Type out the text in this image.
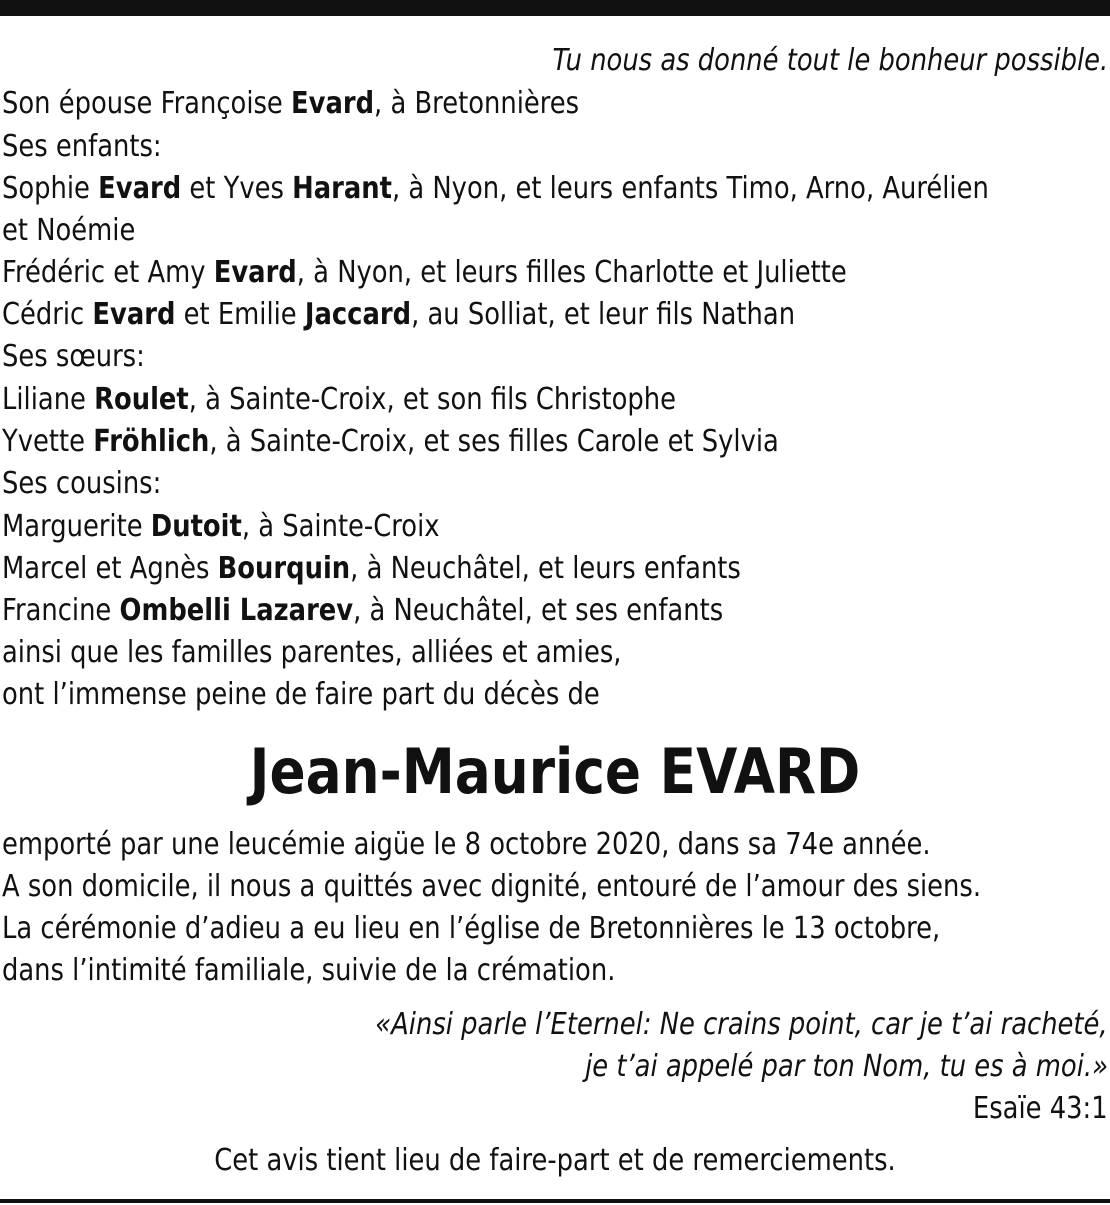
Tu nous as donné tout le bonheur possible.
Son épouse Françoise Evard, à Bretonnières
Ses enfants:
Sophie Evard et Yves Harant, à Nyon, et leurs enfants Timo, Arno, Aurélien
et Noémie
Frédéric et Amy Evard, à Nyon, et leurs filles Charlotte et Juliette
Cédric Evard et Emilie Jaccard, au Solliat, et leur fils Nathan
Ses sœurs:
Liliane Roulet, à Sainte-Croix, et son fils Christophe
Yvette Fröhlich, à Sainte-Croix, et ses filles Carole et Sylvia
Ses cousins:
Marguerite Dutoit, à Sainte-Croix
Marcel et Agnès Bourquin, à Neuchâtel, et leurs enfants
Francine Ombelli Lazarev, à Neuchâtel, et ses enfants
ainsi que les familles parentes, alliées et amies,
ont l’immense peine de faire part du décès de
Jean-Maurice EVARD
emporté par une leucémie aigüe le 8 octobre 2020, dans sa 74e année.
A son domicile, il nous a quittés avec dignité, entouré de l’amour des siens.
La cérémonie d’adieu a eu lieu en l’église de Bretonnières le 13 octobre,
dans l’intimité familiale, suivie de la crémation.
«Ainsi parle l’Eternel: Ne crains point, car je t’ai racheté,
je t’ai appelé par ton Nom, tu es à moi.»
Esaïe 43:1
Cet avis tient lieu de faire-part et de remerciements.
